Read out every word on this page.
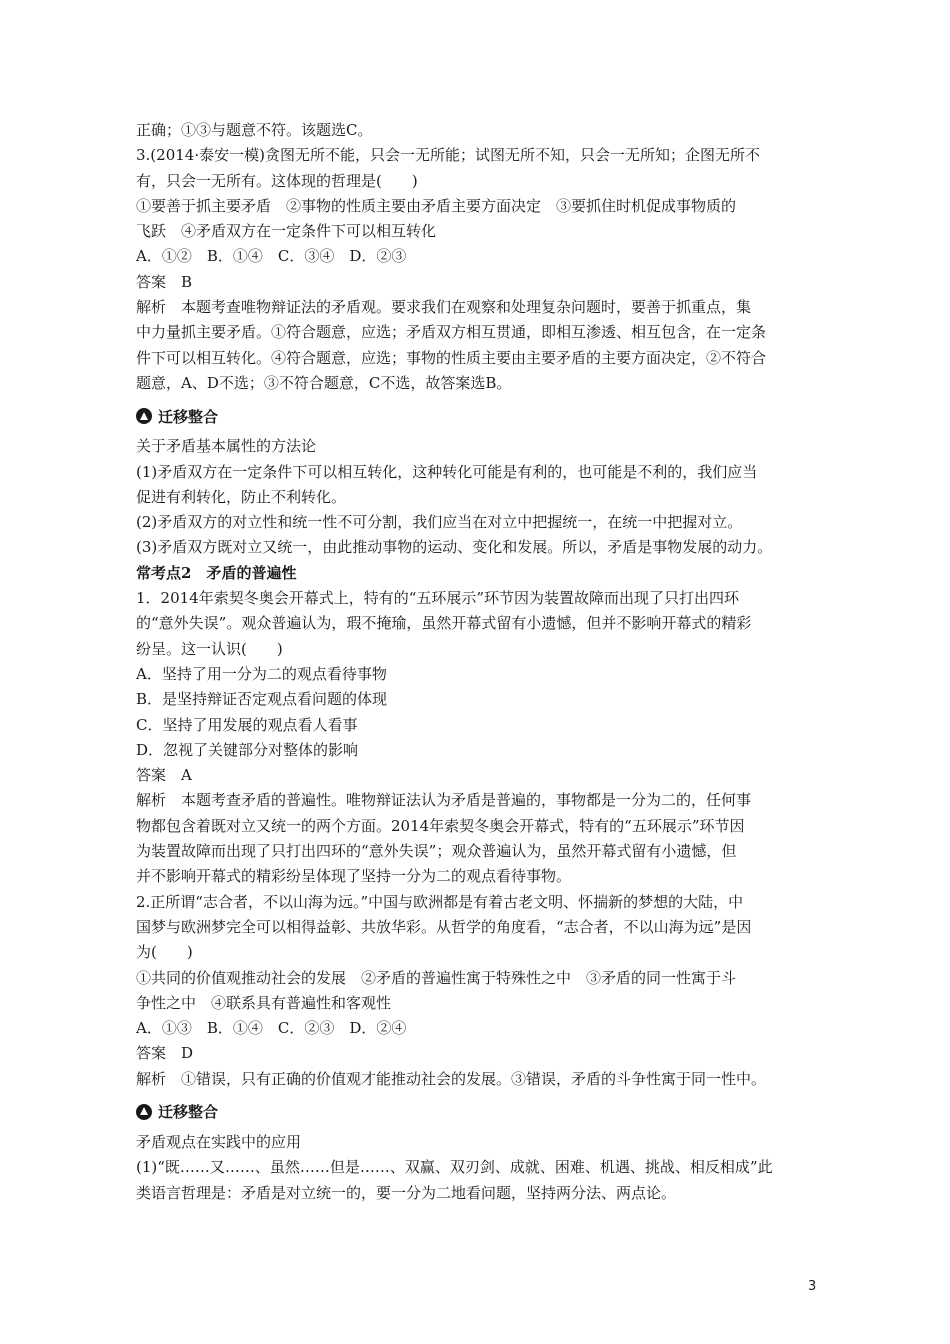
正确；①③与题意不符。该题选C。
3.(2014·泰安一模)贪图无所不能，只会一无所能；试图无所不知，只会一无所知；企图无所不
有，只会一无所有。这体现的哲理是(　　)
①要善于抓主要矛盾　②事物的性质主要由矛盾主要方面决定　③要抓住时机促成事物质的
飞跃　④矛盾双方在一定条件下可以相互转化
A．①②　B．①④　C．③④　D．②③
答案　B
解析　本题考查唯物辩证法的矛盾观。要求我们在观察和处理复杂问题时，要善于抓重点，集
中力量抓主要矛盾。①符合题意，应选；矛盾双方相互贯通，即相互渗透、相互包含，在一定条
件下可以相互转化。④符合题意，应选；事物的性质主要由主要矛盾的主要方面决定，②不符合
题意，A、D不选；③不符合题意，C不选，故答案选B。
迁移整合
关于矛盾基本属性的方法论
(1)矛盾双方在一定条件下可以相互转化，这种转化可能是有利的，也可能是不利的，我们应当
促进有利转化，防止不利转化。
(2)矛盾双方的对立性和统一性不可分割，我们应当在对立中把握统一，在统一中把握对立。
(3)矛盾双方既对立又统一，由此推动事物的运动、变化和发展。所以，矛盾是事物发展的动力。
常考点2　矛盾的普遍性
1．2014年索契冬奥会开幕式上，特有的“五环展示”环节因为装置故障而出现了只打出四环
的“意外失误”。观众普遍认为，瑕不掩瑜，虽然开幕式留有小遗憾，但并不影响开幕式的精彩
纷呈。这一认识(　　)
A．坚持了用一分为二的观点看待事物
B．是坚持辩证否定观点看问题的体现
C．坚持了用发展的观点看人看事
D．忽视了关键部分对整体的影响
答案　A
解析　本题考查矛盾的普遍性。唯物辩证法认为矛盾是普遍的，事物都是一分为二的，任何事
物都包含着既对立又统一的两个方面。2014年索契冬奥会开幕式，特有的“五环展示”环节因
为装置故障而出现了只打出四环的“意外失误”；观众普遍认为，虽然开幕式留有小遗憾，但
并不影响开幕式的精彩纷呈体现了坚持一分为二的观点看待事物。
2.正所谓“志合者，不以山海为远。”中国与欧洲都是有着古老文明、怀揣新的梦想的大陆，中
国梦与欧洲梦完全可以相得益彰、共放华彩。从哲学的角度看，“志合者，不以山海为远”是因
为(　　)
①共同的价值观推动社会的发展　②矛盾的普遍性寓于特殊性之中　③矛盾的同一性寓于斗
争性之中　④联系具有普遍性和客观性
A．①③　B．①④　C．②③　D．②④
答案　D
解析　①错误，只有正确的价值观才能推动社会的发展。③错误，矛盾的斗争性寓于同一性中。
迁移整合
矛盾观点在实践中的应用
(1)“既……又……、虽然……但是……、双赢、双刃剑、成就、困难、机遇、挑战、相反相成”此
类语言哲理是：矛盾是对立统一的，要一分为二地看问题，坚持两分法、两点论。
3
